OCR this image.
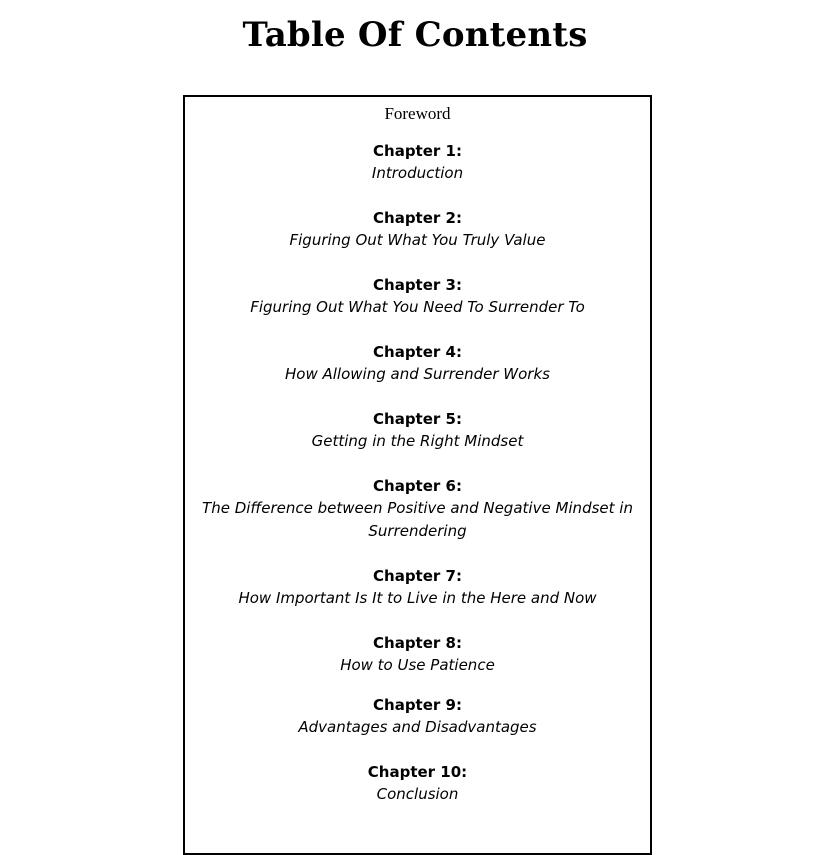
Table Of Contents
Foreword
Chapter 1:
Introduction
Chapter 2:
Figuring Out What You Truly Value
Chapter 3:
Figuring Out What You Need To Surrender To
Chapter 4:
How Allowing and Surrender Works
Chapter 5:
Getting in the Right Mindset
Chapter 6:
The Difference between Positive and Negative Mindset in Surrendering
Chapter 7:
How Important Is It to Live in the Here and Now
Chapter 8:
How to Use Patience
Chapter 9:
Advantages and Disadvantages
Chapter 10:
Conclusion
